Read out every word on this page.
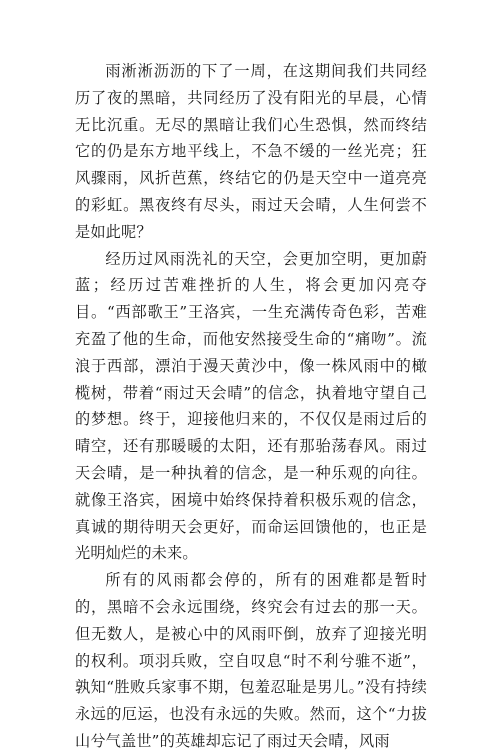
雨淅淅沥沥的下了一周，在这期间我们共同经历了夜的黑暗，共同经历了没有阳光的早晨，心情无比沉重。无尽的黑暗让我们心生恐惧，然而终结它的仍是东方地平线上，不急不缓的一丝光亮；狂风骤雨，风折芭蕉，终结它的仍是天空中一道亮亮的彩虹。黑夜终有尽头，雨过天会晴，人生何尝不是如此呢？

经历过风雨洗礼的天空，会更加空明，更加蔚蓝；经历过苦难挫折的人生，将会更加闪亮夺目。“西部歌王”王洛宾，一生充满传奇色彩，苦难充盈了他的生命，而他安然接受生命的“痛吻”。流浪于西部，漂泊于漫天黄沙中，像一株风雨中的橄榄树，带着“雨过天会晴”的信念，执着地守望自己的梦想。终于，迎接他归来的，不仅仅是雨过后的晴空，还有那暖暖的太阳，还有那骀荡春风。雨过天会晴，是一种执着的信念，是一种乐观的向往。就像王洛宾，困境中始终保持着积极乐观的信念，真诚的期待明天会更好，而命运回馈他的，也正是光明灿烂的未来。

所有的风雨都会停的，所有的困难都是暂时的，黑暗不会永远围绕，终究会有过去的那一天。但无数人，是被心中的风雨吓倒，放弃了迎接光明的权利。项羽兵败，空自叹息“时不利兮骓不逝”，孰知“胜败兵家事不期，包羞忍耻是男儿。”没有持续永远的厄运，也没有永远的失败。然而，这个“力拔山兮气盖世”的英雄却忘记了雨过天会晴，风雨
